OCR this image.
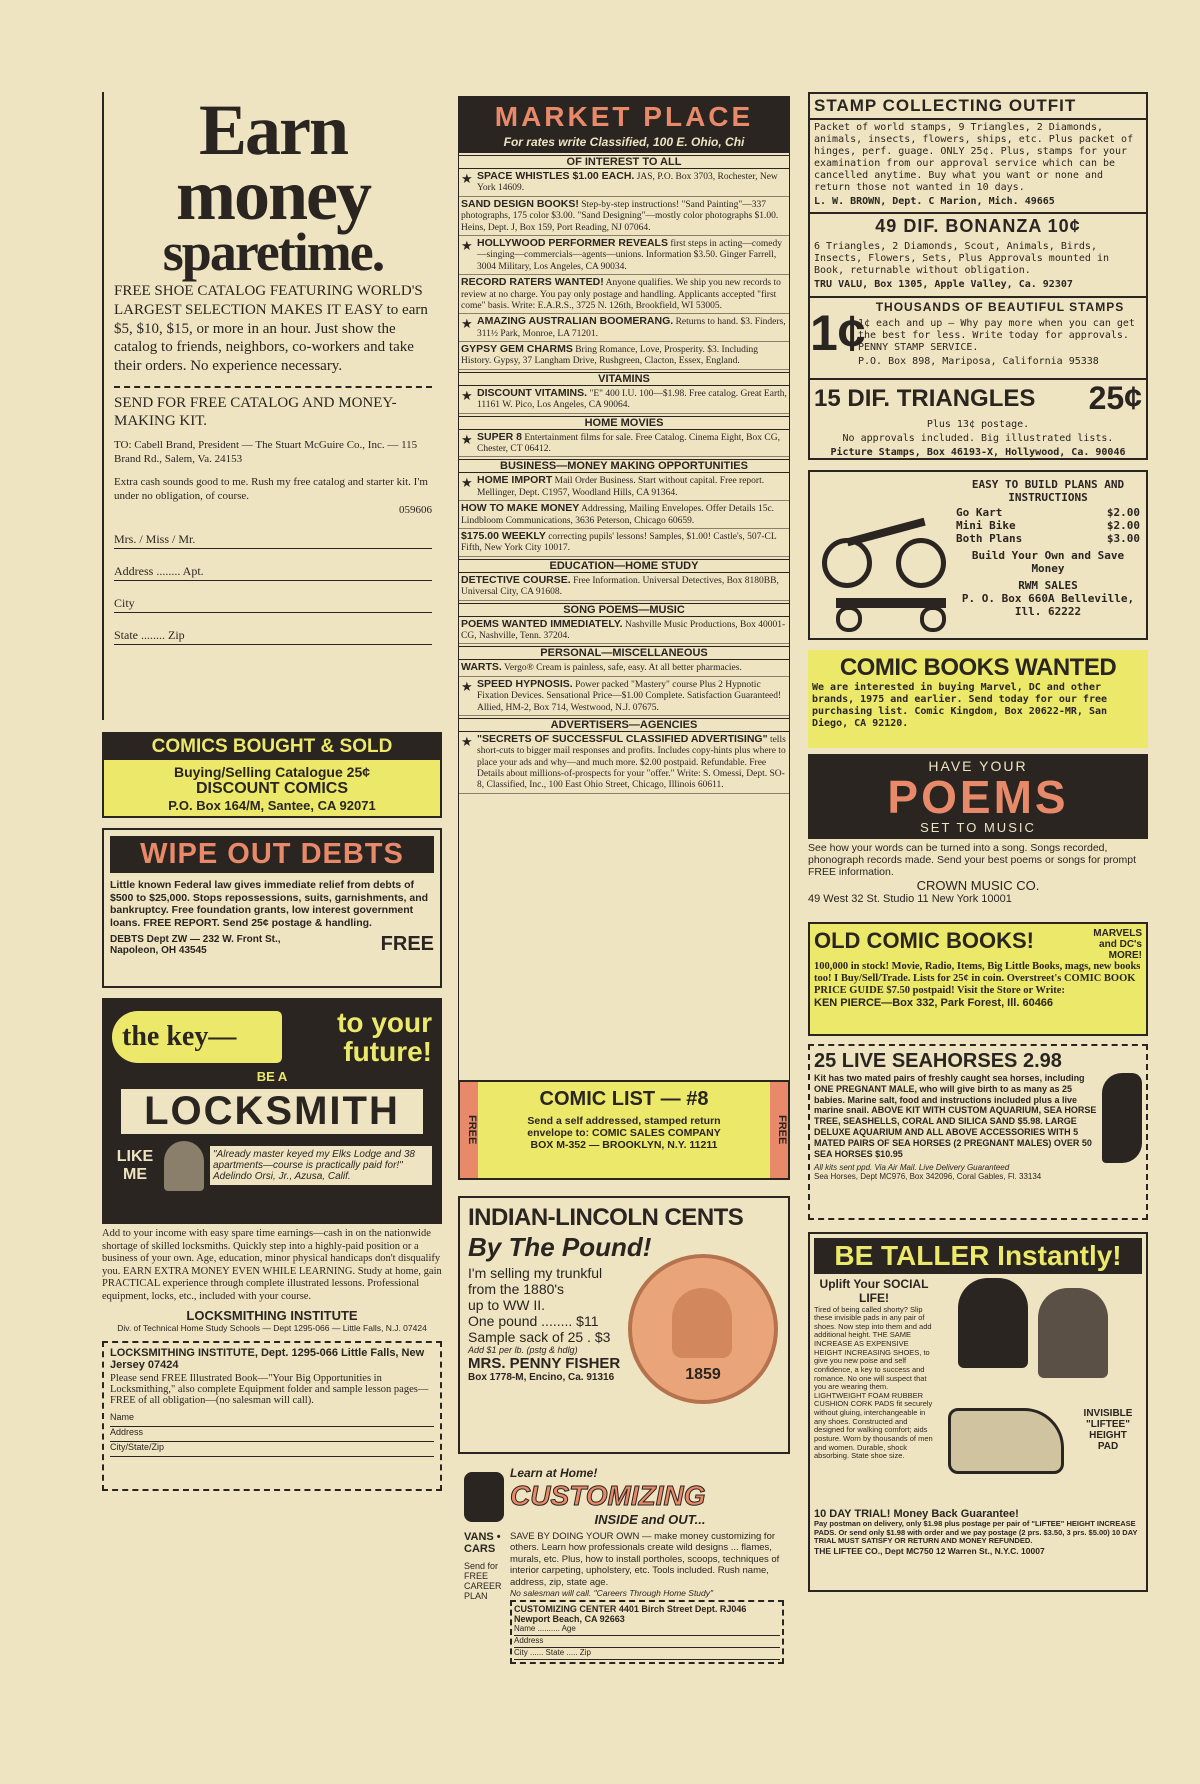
Earn
money
sparetime.

FREE SHOE CATALOG FEATURING WORLD'S LARGEST SELECTION MAKES IT EASY to earn $5, $10, $15, or more in an hour. Just show the catalog to friends, neighbors, co-workers and take their orders. No experience necessary.

SEND FOR FREE CATALOG AND MONEY-MAKING KIT.
TO: Cabell Brand, President — The Stuart McGuire Co., Inc. — 115 Brand Rd., Salem, Va. 24153
Extra cash sounds good to me. Rush my free catalog and starter kit. I'm under no obligation, of course.
059606
Mrs. / Miss / Mr.
Address ........ Apt.
City
State ........ Zip
COMICS BOUGHT & SOLD
Buying/Selling Catalogue 25¢
DISCOUNT COMICS
P.O. Box 164/M, Santee, CA 92071
WIPE OUT DEBTS
Little known Federal law gives immediate relief from debts of $500 to $25,000. Stops repossessions, suits, garnishments, and bankruptcy. Free foundation grants, low interest government loans. FREE REPORT. Send 25¢ postage & handling.
DEBTS Dept ZW — 232 W. Front St., Napoleon, OH 43545	FREE
the key—	to your future!
BE A
LOCKSMITH
LIKE ME
"Already master keyed my Elks Lodge and 38 apartments—course is practically paid for!" Adelindo Orsi, Jr., Azusa, Calif.
Add to your income with easy spare time earnings—cash in on the nationwide shortage of skilled locksmiths. Quickly step into a highly-paid position or a business of your own. Age, education, minor physical handicaps don't disqualify you. EARN EXTRA MONEY EVEN WHILE LEARNING. Study at home, gain PRACTICAL experience through complete illustrated lessons. Professional equipment, locks, etc., included with your course.
LOCKSMITHING INSTITUTE
Div. of Technical Home Study Schools — Dept 1295-066 — Little Falls, N.J. 07424
LOCKSMITHING INSTITUTE, Dept. 1295-066 Little Falls, New Jersey 07424
Please send FREE Illustrated Book—"Your Big Opportunities in Locksmithing," also complete Equipment folder and sample lesson pages—FREE of all obligation—(no salesman will call).
Name
Address
City/State/Zip
MARKET PLACE
For rates write Classified, 100 E. Ohio, Chi
OF INTEREST TO ALL
★ SPACE WHISTLES $1.00 EACH. JAS, P.O. Box 3703, Rochester, New York 14609.
SAND DESIGN BOOKS! Step-by-step instructions! "Sand Painting"—337 photographs, 175 color $3.00. "Sand Designing"—mostly color photographs $1.00. Heins, Dept. J, Box 159, Port Reading, NJ 07064.
★ HOLLYWOOD PERFORMER REVEALS first steps in acting—comedy—singing—commercials—agents—unions. Information $3.50. Ginger Farrell, 3004 Military, Los Angeles, CA 90034.
RECORD RATERS WANTED! Anyone qualifies. We ship you new records to review at no charge. You pay only postage and handling. Applicants accepted "first come" basis. Write: E.A.R.S., 3725 N. 126th, Brookfield, WI 53005.
★ AMAZING AUSTRALIAN BOOMERANG. Returns to hand. $3. Finders, 311½ Park, Monroe, LA 71201.
GYPSY GEM CHARMS Bring Romance, Love, Prosperity. $3. Including History. Gypsy, 37 Langham Drive, Rushgreen, Clacton, Essex, England.
VITAMINS
★ DISCOUNT VITAMINS. "E" 400 I.U. 100—$1.98. Free catalog. Great Earth, 11161 W. Pico, Los Angeles, CA 90064.
HOME MOVIES
★ SUPER 8 Entertainment films for sale. Free Catalog. Cinema Eight, Box CG, Chester, CT 06412.
BUSINESS—MONEY MAKING OPPORTUNITIES
★ HOME IMPORT Mail Order Business. Start without capital. Free report. Mellinger, Dept. C1957, Woodland Hills, CA 91364.
HOW TO MAKE MONEY Addressing, Mailing Envelopes. Offer Details 15c. Lindbloom Communications, 3636 Peterson, Chicago 60659.
$175.00 WEEKLY correcting pupils' lessons! Samples, $1.00! Castle's, 507-CL Fifth, New York City 10017.
EDUCATION—HOME STUDY
DETECTIVE COURSE. Free Information. Universal Detectives, Box 8180BB, Universal City, CA 91608.
SONG POEMS—MUSIC
POEMS WANTED IMMEDIATELY. Nashville Music Productions, Box 40001-CG, Nashville, Tenn. 37204.
PERSONAL—MISCELLANEOUS
WARTS. Vergo® Cream is painless, safe, easy. At all better pharmacies.
★ SPEED HYPNOSIS. Power packed "Mastery" course Plus 2 Hypnotic Fixation Devices. Sensational Price—$1.00 Complete. Satisfaction Guaranteed! Allied, HM-2, Box 714, Westwood, N.J. 07675.
ADVERTISERS—AGENCIES
★ "SECRETS OF SUCCESSFUL CLASSIFIED ADVERTISING" tells short-cuts to bigger mail responses and profits. Includes copy-hints plus where to place your ads and why—and much more. $2.00 postpaid. Refundable. Free Details about millions-of-prospects for your "offer." Write: S. Omessi, Dept. SO-8, Classified, Inc., 100 East Ohio Street, Chicago, Illinois 60611.
FREE
COMIC LIST — #8
Send a self addressed, stamped return envelope to: COMIC SALES COMPANY
BOX M-352 — BROOKLYN, N.Y. 11211
FREE
INDIAN-LINCOLN CENTS
By The Pound!
I'm selling my trunkful
from the 1880's
up to WW II.
One pound ........ $11
Sample sack of 25 . $3
Add $1 per lb. (pstg & hdlg)
MRS. PENNY FISHER
Box 1778-M, Encino, Ca. 91316	1859
Learn at Home!
CUSTOMIZING
INSIDE and OUT...
VANS • CARS
Send for FREE CAREER PLAN
SAVE BY DOING YOUR OWN — make money customizing for others. Learn how professionals create wild designs ... flames, murals, etc. Plus, how to install portholes, scoops, techniques of interior carpeting, upholstery, etc. Tools included. Rush name, address, zip, state age.
No salesman will call. "Careers Through Home Study"
CUSTOMIZING CENTER 4401 Birch Street Dept. RJ046 Newport Beach, CA 92663
Name .......... Age
Address
City ...... State ..... Zip
STAMP COLLECTING OUTFIT

Packet of world stamps, 9 Triangles, 2 Diamonds, animals, insects, flowers, ships, etc. Plus packet of hinges, perf. guage. ONLY 25¢. Plus, stamps for your examination from our approval service which can be cancelled anytime. Buy what you want or none and return those not wanted in 10 days.

L. W. BROWN, Dept. C Marion, Mich. 49665

49 DIF. BONANZA 10¢

6 Triangles, 2 Diamonds, Scout, Animals, Birds, Insects, Flowers, Sets, Plus Approvals mounted in Book, returnable without obligation.

TRU VALU, Box 1305, Apple Valley, Ca. 92307

1¢ THOUSANDS OF BEAUTIFUL STAMPS

1¢ each and up — Why pay more when you can get the best for less. Write today for approvals. PENNY STAMP SERVICE.

P.O. Box 898, Mariposa, California 95338

15 DIF. TRIANGLES 25¢

Plus 13¢ postage.

No approvals included. Big illustrated lists.

Picture Stamps, Box 46193-X, Hollywood, Ca. 90046

EASY TO BUILD PLANS AND INSTRUCTIONS
Go Kart	$2.00
Mini Bike	$2.00
Both Plans	$3.00
Build Your Own and Save Money
RWM SALES
P. O. Box 660A Belleville, Ill. 62222
COMIC BOOKS WANTED
We are interested in buying Marvel, DC and other brands, 1975 and earlier. Send today for our free purchasing list. Comic Kingdom, Box 20622-MR, San Diego, CA 92120.
HAVE YOUR
POEMS
SET TO MUSIC
See how your words can be turned into a song. Songs recorded, phonograph records made. Send your best poems or songs for prompt FREE information.
CROWN MUSIC CO.
49 West 32 St. Studio 11 New York 10001
OLD COMIC BOOKS!	MARVELS and DC's MORE!
100,000 in stock! Movie, Radio, Items, Big Little Books, mags, new books too! I Buy/Sell/Trade. Lists for 25¢ in coin. Overstreet's COMIC BOOK PRICE GUIDE $7.50 postpaid! Visit the Store or Write:
KEN PIERCE—Box 332, Park Forest, Ill. 60466
25 LIVE SEAHORSES 2.98
Kit has two mated pairs of freshly caught sea horses, including ONE PREGNANT MALE, who will give birth to as many as 25 babies. Marine salt, food and instructions included plus a live marine snail. ABOVE KIT WITH CUSTOM AQUARIUM, SEA HORSE TREE, SEASHELLS, CORAL AND SILICA SAND $5.98. LARGE DELUXE AQUARIUM AND ALL ABOVE ACCESSORIES WITH 5 MATED PAIRS OF SEA HORSES (2 PREGNANT MALES) OVER 50 SEA HORSES $10.95
All kits sent ppd. Via Air Mail. Live Delivery Guaranteed
Sea Horses, Dept MC976, Box 342096, Coral Gables, Fl. 33134
BE TALLER Instantly!
Uplift Your SOCIAL LIFE!
Tired of being called shorty? Slip these invisible pads in any pair of shoes. Now step into them and add additional height. THE SAME INCREASE AS EXPENSIVE HEIGHT INCREASING SHOES, to give you new poise and self confidence, a key to success and romance. No one will suspect that you are wearing them. LIGHTWEIGHT FOAM RUBBER CUSHION CORK PADS fit securely without gluing, interchangeable in any shoes. Constructed and designed for walking comfort; aids posture. Worn by thousands of men and women. Durable, shock absorbing. State shoe size.
INVISIBLE "LIFTEE" HEIGHT PAD
10 DAY TRIAL! Money Back Guarantee!
Pay postman on delivery, only $1.98 plus postage per pair of "LIFTEE" HEIGHT INCREASE PADS. Or send only $1.98 with order and we pay postage (2 prs. $3.50, 3 prs. $5.00) 10 DAY TRIAL MUST SATISFY OR RETURN AND MONEY REFUNDED.
THE LIFTEE CO., Dept MC750 12 Warren St., N.Y.C. 10007
